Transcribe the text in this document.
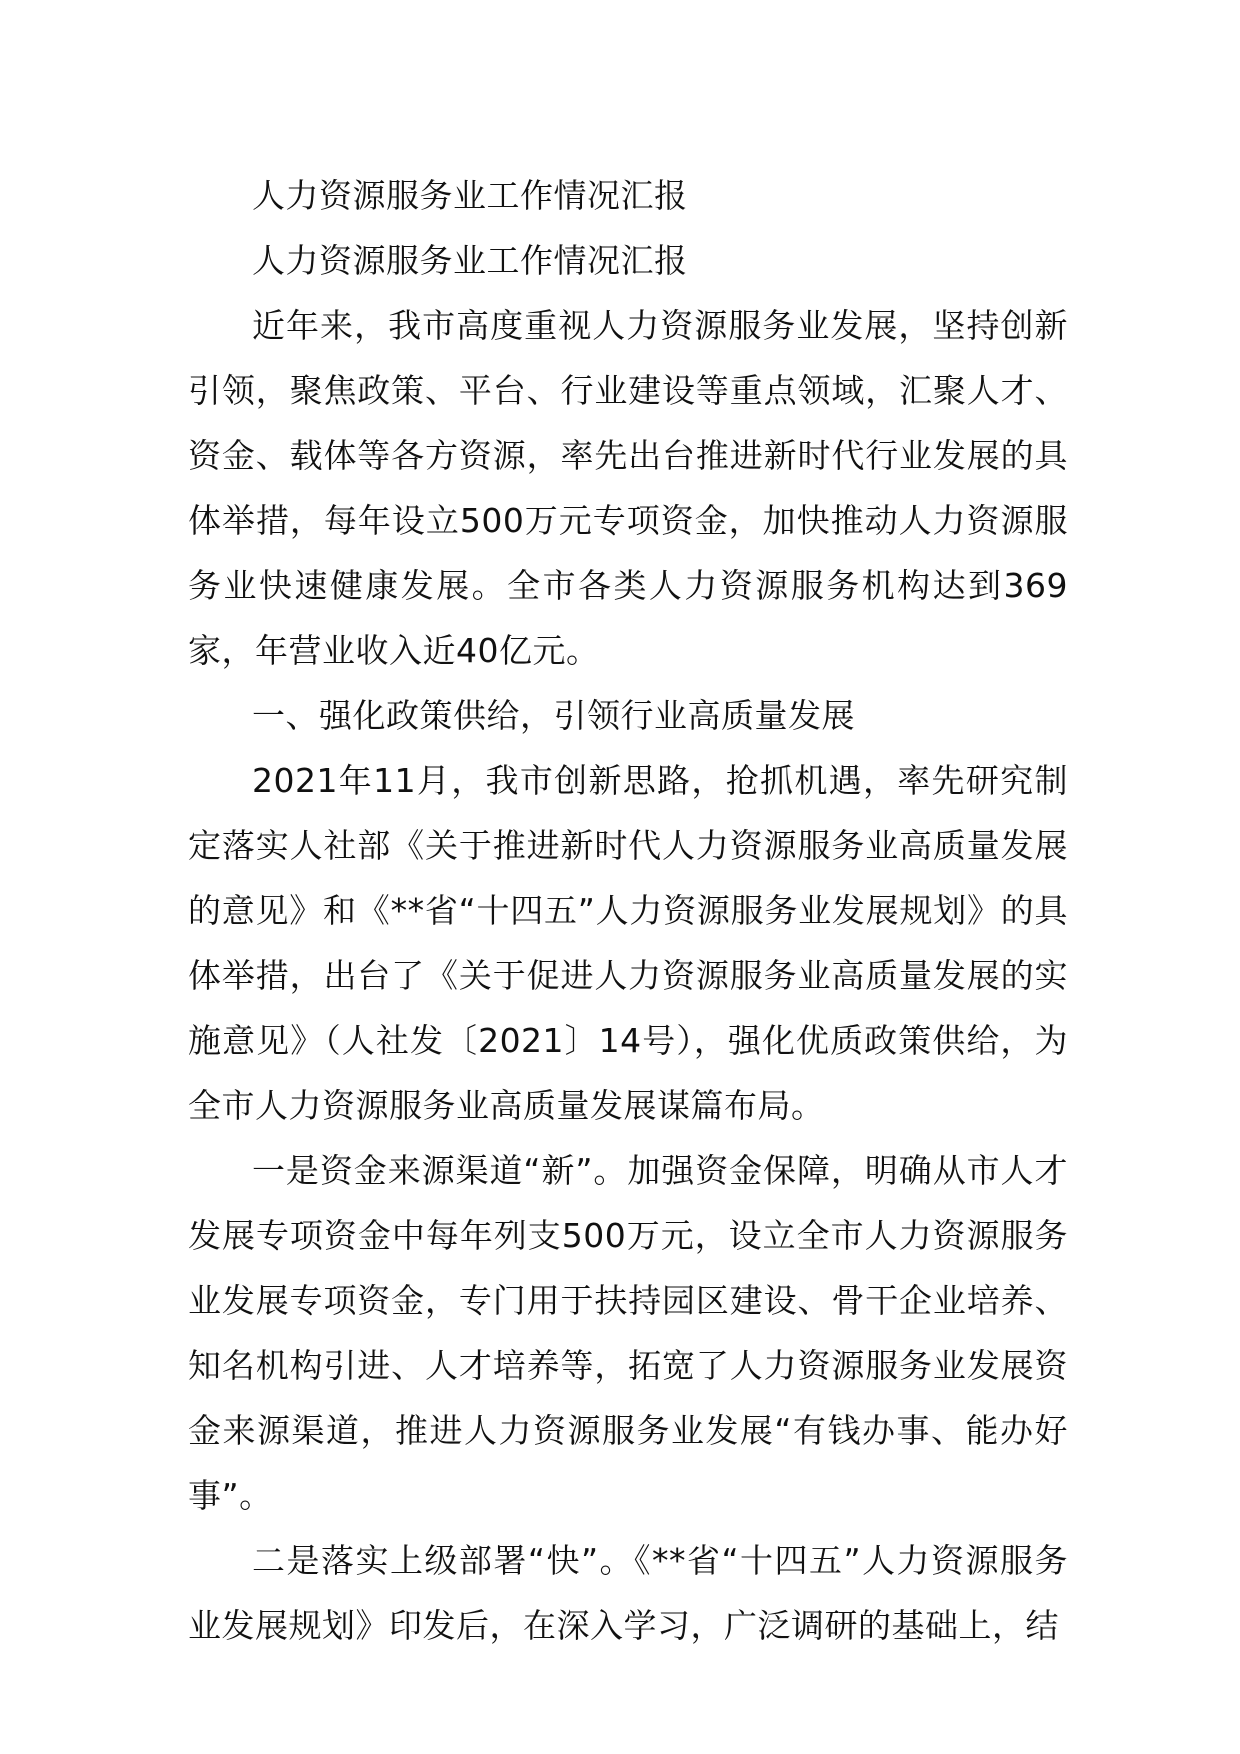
人力资源服务业工作情况汇报

人力资源服务业工作情况汇报

近年来，我市高度重视人力资源服务业发展，坚持创新引领，聚焦政策、平台、行业建设等重点领域，汇聚人才、资金、载体等各方资源，率先出台推进新时代行业发展的具体举措，每年设立500万元专项资金，加快推动人力资源服务业快速健康发展。全市各类人力资源服务机构达到369家，年营业收入近40亿元。

一、强化政策供给，引领行业高质量发展

2021年11月，我市创新思路，抢抓机遇，率先研究制定落实人社部《关于推进新时代人力资源服务业高质量发展的意见》和《**省“十四五”人力资源服务业发展规划》的具体举措，出台了《关于促进人力资源服务业高质量发展的实施意见》（人社发〔2021〕14号），强化优质政策供给，为全市人力资源服务业高质量发展谋篇布局。

一是资金来源渠道“新”。加强资金保障，明确从市人才发展专项资金中每年列支500万元，设立全市人力资源服务业发展专项资金，专门用于扶持园区建设、骨干企业培养、知名机构引进、人才培养等，拓宽了人力资源服务业发展资金来源渠道，推进人力资源服务业发展“有钱办事、能办好事”。

二是落实上级部署“快”。《**省“十四五”人力资源服务业发展规划》印发后，在深入学习，广泛调研的基础上，结
